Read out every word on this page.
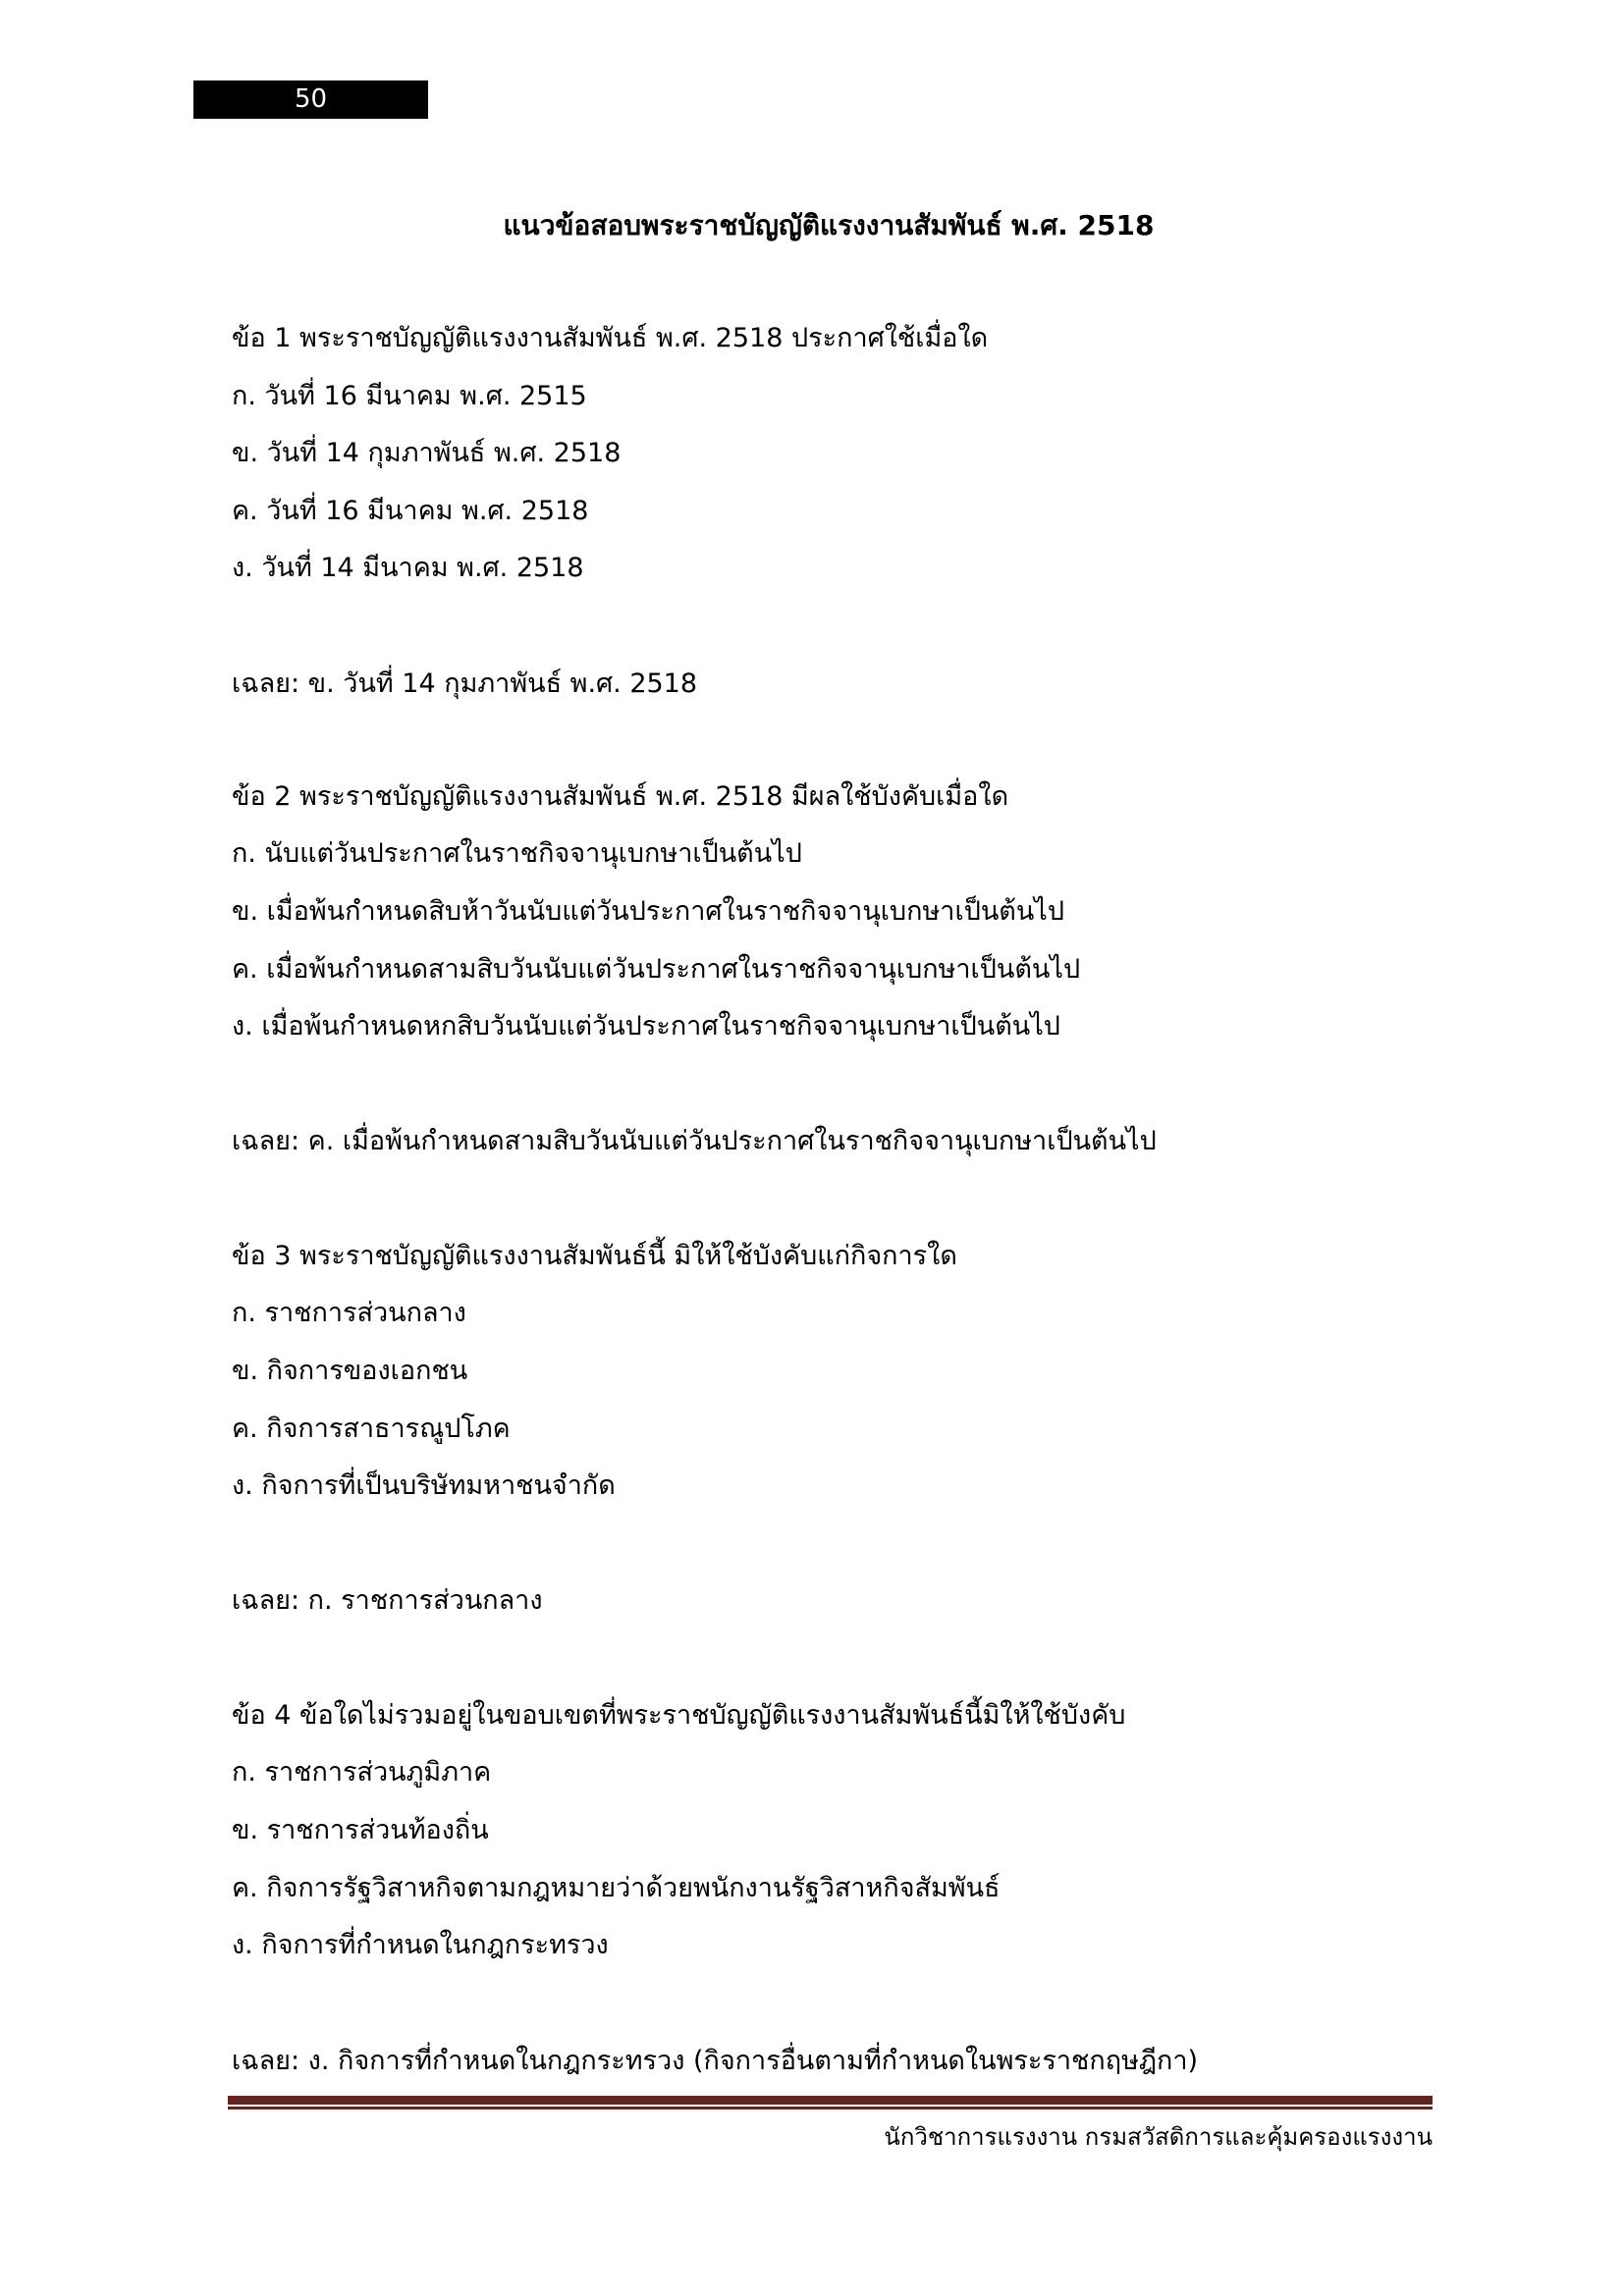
50
แนวข้อสอบพระราชบัญญัติแรงงานสัมพันธ์ พ.ศ. 2518
ข้อ 1 พระราชบัญญัติแรงงานสัมพันธ์ พ.ศ. 2518 ประกาศใช้เมื่อใด
ก. วันที่ 16 มีนาคม พ.ศ. 2515
ข. วันที่ 14 กุมภาพันธ์ พ.ศ. 2518
ค. วันที่ 16 มีนาคม พ.ศ. 2518
ง. วันที่ 14 มีนาคม พ.ศ. 2518
เฉลย: ข. วันที่ 14 กุมภาพันธ์ พ.ศ. 2518
ข้อ 2 พระราชบัญญัติแรงงานสัมพันธ์ พ.ศ. 2518 มีผลใช้บังคับเมื่อใด
ก. นับแต่วันประกาศในราชกิจจานุเบกษาเป็นต้นไป
ข. เมื่อพ้นกำหนดสิบห้าวันนับแต่วันประกาศในราชกิจจานุเบกษาเป็นต้นไป
ค. เมื่อพ้นกำหนดสามสิบวันนับแต่วันประกาศในราชกิจจานุเบกษาเป็นต้นไป
ง. เมื่อพ้นกำหนดหกสิบวันนับแต่วันประกาศในราชกิจจานุเบกษาเป็นต้นไป
เฉลย: ค. เมื่อพ้นกำหนดสามสิบวันนับแต่วันประกาศในราชกิจจานุเบกษาเป็นต้นไป
ข้อ 3 พระราชบัญญัติแรงงานสัมพันธ์นี้ มิให้ใช้บังคับแก่กิจการใด
ก. ราชการส่วนกลาง
ข. กิจการของเอกชน
ค. กิจการสาธารณูปโภค
ง. กิจการที่เป็นบริษัทมหาชนจำกัด
เฉลย: ก. ราชการส่วนกลาง
ข้อ 4 ข้อใดไม่รวมอยู่ในขอบเขตที่พระราชบัญญัติแรงงานสัมพันธ์นี้มิให้ใช้บังคับ
ก. ราชการส่วนภูมิภาค
ข. ราชการส่วนท้องถิ่น
ค. กิจการรัฐวิสาหกิจตามกฎหมายว่าด้วยพนักงานรัฐวิสาหกิจสัมพันธ์
ง. กิจการที่กำหนดในกฎกระทรวง
เฉลย: ง. กิจการที่กำหนดในกฎกระทรวง (กิจการอื่นตามที่กำหนดในพระราชกฤษฎีกา)
นักวิชาการแรงงาน กรมสวัสดิการและคุ้มครองแรงงาน
